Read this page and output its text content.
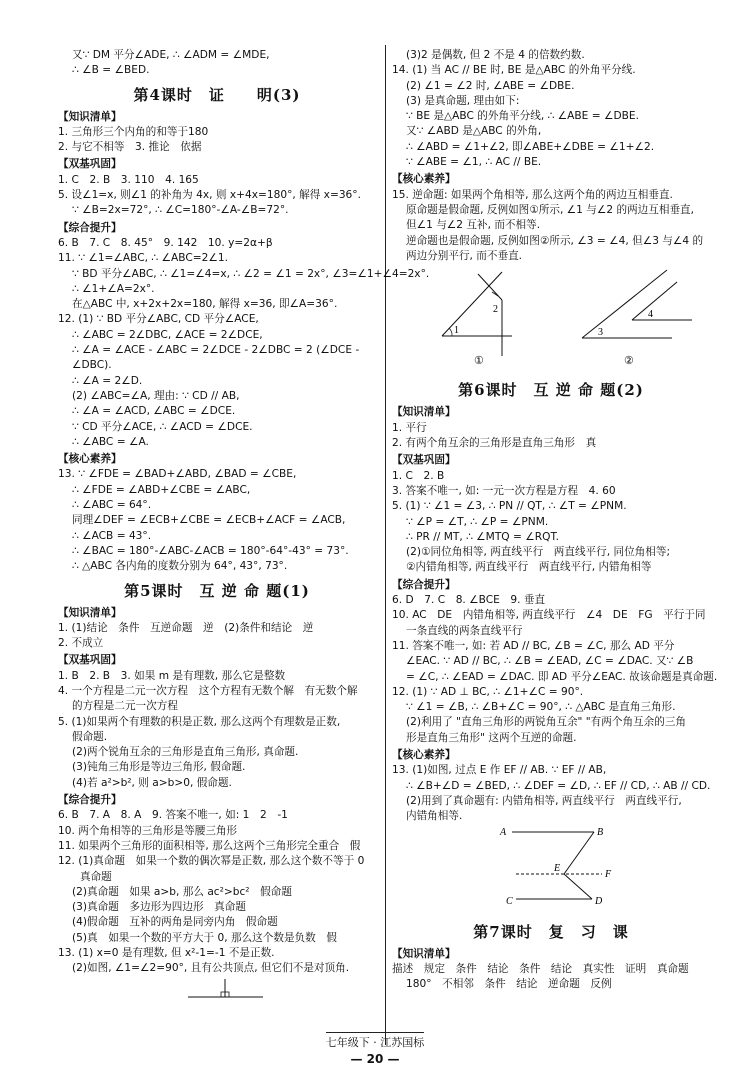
又∵ DM 平分∠ADE, ∴ ∠ADM = ∠MDE,
∴ ∠B = ∠BED.
第4课时　证　　明(3)
【知识清单】
1. 三角形三个内角的和等于180
2. 与它不相等　3. 推论　依据
【双基巩固】
1. C　2. B　3. 110　4. 165
5. 设∠1=x, 则∠1 的补角为 4x, 则 x+4x=180°, 解得 x=36°.
∵ ∠B=2x=72°, ∴ ∠C=180°-∠A-∠B=72°.
【综合提升】
6. B　7. C　8. 45°　9. 142　10. y=2α+β
11. ∵ ∠1=∠ABC, ∴ ∠ABC=2∠1.
∵ BD 平分∠ABC, ∴ ∠1=∠4=x, ∴ ∠2 = ∠1 = 2x°, ∠3=∠1+∠4=2x°.
∴ ∠1+∠A=2x°.
在△ABC 中, x+2x+2x=180, 解得 x=36, 即∠A=36°.
12. (1) ∵ BD 平分∠ABC, CD 平分∠ACE,
∴ ∠ABC = 2∠DBC, ∠ACE = 2∠DCE,
∴ ∠A = ∠ACE - ∠ABC = 2∠DCE - 2∠DBC = 2 (∠DCE -
∠DBC).
∴ ∠A = 2∠D.
(2) ∠ABC=∠A, 理由: ∵ CD // AB,
∴ ∠A = ∠ACD, ∠ABC = ∠DCE.
∵ CD 平分∠ACE, ∴ ∠ACD = ∠DCE.
∴ ∠ABC = ∠A.
【核心素养】
13. ∵ ∠FDE = ∠BAD+∠ABD, ∠BAD = ∠CBE,
∴ ∠FDE = ∠ABD+∠CBE = ∠ABC,
∴ ∠ABC = 64°.
同理∠DEF = ∠ECB+∠CBE = ∠ECB+∠ACF = ∠ACB,
∴ ∠ACB = 43°.
∴ ∠BAC = 180°-∠ABC-∠ACB = 180°-64°-43° = 73°.
∴ △ABC 各内角的度数分别为 64°, 43°, 73°.
第5课时　互 逆 命 题(1)
【知识清单】
1. (1)结论　条件　互逆命题　逆　(2)条件和结论　逆
2. 不成立
【双基巩固】
1. B　2. B　3. 如果 m 是有理数, 那么它是整数
4. 一个方程是二元一次方程　这个方程有无数个解　有无数个解
的方程是二元一次方程
5. (1)如果两个有理数的积是正数, 那么这两个有理数是正数,
假命题.
(2)两个锐角互余的三角形是直角三角形, 真命题.
(3)钝角三角形是等边三角形, 假命题.
(4)若 a²>b², 则 a>b>0, 假命题.
【综合提升】
6. B　7. A　8. A　9. 答案不唯一, 如: 1　2　-1
10. 两个角相等的三角形是等腰三角形
11. 如果两个三角形的面积相等, 那么这两个三角形完全重合　假
12. (1)真命题　如果一个数的偶次幂是正数, 那么这个数不等于 0
真命题
(2)真命题　如果 a>b, 那么 ac²>bc²　假命题
(3)真命题　多边形为四边形　真命题
(4)假命题　互补的两角是同旁内角　假命题
(5)真　如果一个数的平方大于 0, 那么这个数是负数　假
13. (1) x=0 是有理数, 但 x²-1=-1 不是正数.
(2)如图, ∠1=∠2=90°, 且有公共顶点, 但它们不是对顶角.
(3)2 是偶数, 但 2 不是 4 的倍数约数.
14. (1) 当 AC // BE 时, BE 是△ABC 的外角平分线.
(2) ∠1 = ∠2 时, ∠ABE = ∠DBE.
(3) 是真命题, 理由如下:
∵ BE 是△ABC 的外角平分线, ∴ ∠ABE = ∠DBE.
又∵ ∠ABD 是△ABC 的外角,
∴ ∠ABD = ∠1+∠2, 即∠ABE+∠DBE = ∠1+∠2.
∵ ∠ABE = ∠1, ∴ AC // BE.
【核心素养】
15. 逆命题: 如果两个角相等, 那么这两个角的两边互相垂直.
原命题是假命题, 反例如图①所示, ∠1 与∠2 的两边互相垂直,
但∠1 与∠2 互补, 而不相等.
逆命题也是假命题, 反例如图②所示, ∠3 = ∠4, 但∠3 与∠4 的
两边分别平行, 而不垂直.
1
2
①
3
4
②
第6课时　互 逆 命 题(2)
【知识清单】
1. 平行
2. 有两个角互余的三角形是直角三角形　真
【双基巩固】
1. C　2. B
3. 答案不唯一, 如: 一元一次方程是方程　4. 60
5. (1) ∵ ∠1 = ∠3, ∴ PN // QT, ∴ ∠T = ∠PNM.
∵ ∠P = ∠T, ∴ ∠P = ∠PNM.
∴ PR // MT, ∴ ∠MTQ = ∠RQT.
(2)①同位角相等, 两直线平行　两直线平行, 同位角相等;
②内错角相等, 两直线平行　两直线平行, 内错角相等
【综合提升】
6. D　7. C　8. ∠BCE　9. 垂直
10. AC　DE　内错角相等, 两直线平行　∠4　DE　FG　平行于同
一条直线的两条直线平行
11. 答案不唯一, 如: 若 AD // BC, ∠B = ∠C, 那么 AD 平分
∠EAC. ∵ AD // BC, ∴ ∠B = ∠EAD, ∠C = ∠DAC. 又∵ ∠B
= ∠C, ∴ ∠EAD = ∠DAC. 即 AD 平分∠EAC. 故该命题是真命题.
12. (1) ∵ AD ⊥ BC, ∴ ∠1+∠C = 90°.
∵ ∠1 = ∠B, ∴ ∠B+∠C = 90°, ∴ △ABC 是直角三角形.
(2)利用了 "直角三角形的两锐角互余" "有两个角互余的三角
形是直角三角形" 这两个互逆的命题.
【核心素养】
13. (1)如图, 过点 E 作 EF // AB. ∵ EF // AB,
∴ ∠B+∠D = ∠BED, ∴ ∠DEF = ∠D, ∴ EF // CD, ∴ AB // CD.
(2)用到了真命题有: 内错角相等, 两直线平行　两直线平行,
内错角相等.
A	B
E
F
C	D
第7课时　复　习　课
【知识清单】
描述　规定　条件　结论　条件　结论　真实性　证明　真命题
180°　不相邻　条件　结论　逆命题　反例
七年级下 · 江苏国标
— 20 —
